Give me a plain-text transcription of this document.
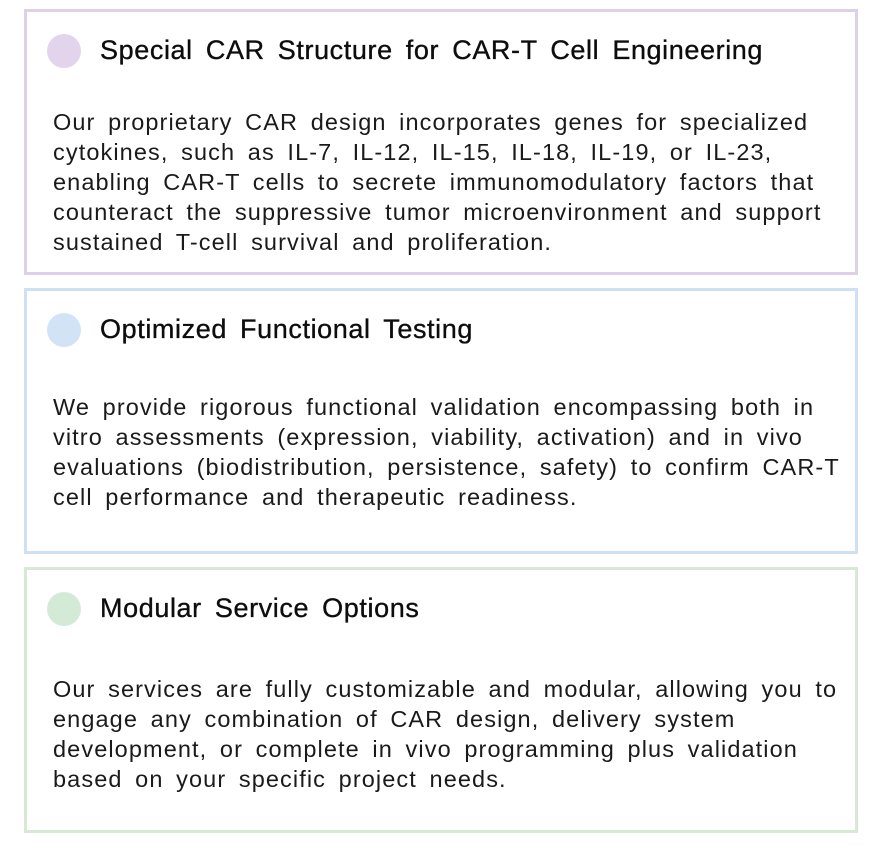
Special CAR Structure for CAR-T Cell Engineering

Our proprietary CAR design incorporates genes for specialized cytokines, such as IL-7, IL-12, IL-15, IL-18, IL-19, or IL-23, enabling CAR-T cells to secrete immunomodulatory factors that counteract the suppressive tumor microenvironment and support sustained T-cell survival and proliferation.

Optimized Functional Testing

We provide rigorous functional validation encompassing both in vitro assessments (expression, viability, activation) and in vivo evaluations (biodistribution, persistence, safety) to confirm CAR-T cell performance and therapeutic readiness.

Modular Service Options

Our services are fully customizable and modular, allowing you to engage any combination of CAR design, delivery system development, or complete in vivo programming plus validation based on your specific project needs.
